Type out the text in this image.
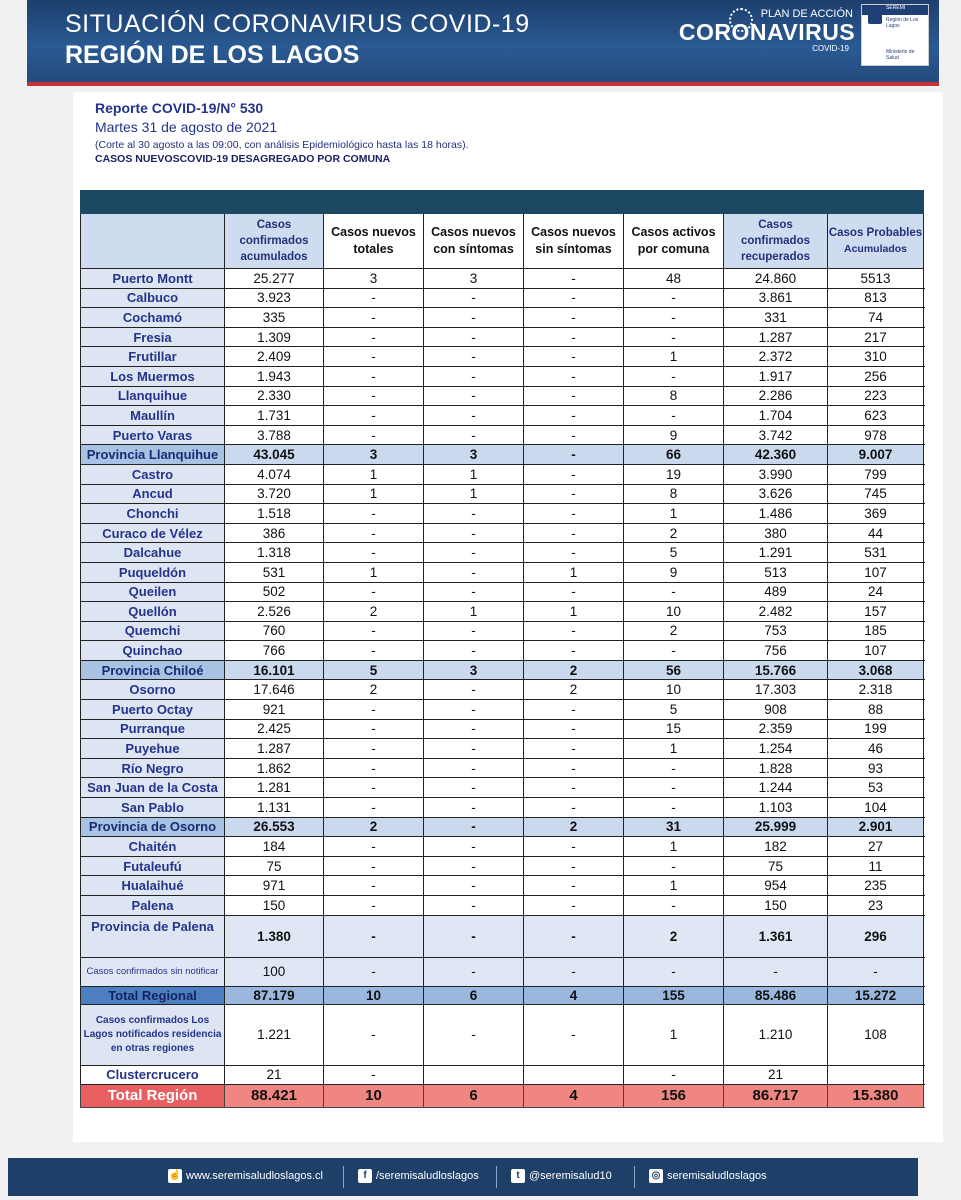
SITUACIÓN CORONAVIRUS COVID-19
REGIÓN DE LOS LAGOS
PLAN DE ACCIÓN
CORONAVIRUS
COVID-19
SEREMI
Región de Los Lagos
Ministerio de Salud
Reporte COVID-19/N° 530
Martes 31 de agosto de 2021
(Corte al 30 agosto a las 09:00, con análisis Epidemiológico hasta las 18 horas).
CASOS NUEVOSCOVID-19 DESAGREGADO POR COMUNA

	Casos confirmados acumulados	Casos nuevos totales	Casos nuevos con síntomas	Casos nuevos sin síntomas	Casos activos por comuna	Casos confirmados recuperados	Casos Probables
Acumulados
Puerto Montt	25.277	3	3	-	48	24.860	5513
Calbuco	3.923	-	-	-	-	3.861	813
Cochamó	335	-	-	-	-	331	74
Fresia	1.309	-	-	-	-	1.287	217
Frutillar	2.409	-	-	-	1	2.372	310
Los Muermos	1.943	-	-	-	-	1.917	256
Llanquihue	2.330	-	-	-	8	2.286	223
Maullín	1.731	-	-	-	-	1.704	623
Puerto Varas	3.788	-	-	-	9	3.742	978
Provincia Llanquihue	43.045	3	3	-	66	42.360	9.007
Castro	4.074	1	1	-	19	3.990	799
Ancud	3.720	1	1	-	8	3.626	745
Chonchi	1.518	-	-	-	1	1.486	369
Curaco de Vélez	386	-	-	-	2	380	44
Dalcahue	1.318	-	-	-	5	1.291	531
Puqueldón	531	1	-	1	9	513	107
Queilen	502	-	-	-	-	489	24
Quellón	2.526	2	1	1	10	2.482	157
Quemchi	760	-	-	-	2	753	185
Quinchao	766	-	-	-	-	756	107
Provincia Chiloé	16.101	5	3	2	56	15.766	3.068
Osorno	17.646	2	-	2	10	17.303	2.318
Puerto Octay	921	-	-	-	5	908	88
Purranque	2.425	-	-	-	15	2.359	199
Puyehue	1.287	-	-	-	1	1.254	46
Río Negro	1.862	-	-	-	-	1.828	93
San Juan de la Costa	1.281	-	-	-	-	1.244	53
San Pablo	1.131	-	-	-	-	1.103	104
Provincia de Osorno	26.553	2	-	2	31	25.999	2.901
Chaitén	184	-	-	-	1	182	27
Futaleufú	75	-	-	-	-	75	11
Hualaihué	971	-	-	-	1	954	235
Palena	150	-	-	-	-	150	23
Provincia de Palena	1.380	-	-	-	2	1.361	296
Casos confirmados sin notificar	100	-	-	-	-	-	-
Total Regional	87.179	10	6	4	155	85.486	15.272
Casos confirmados Los Lagos notificados residencia en otras regiones	1.221	-	-	-	1	1.210	108
Clustercrucero	21	-			-	21	
Total Región	88.421	10	6	4	156	86.717	15.380
☝ www.seremisaludloslagos.cl	f /seremisaludloslagos	t @seremisalud10	◎ seremisaludloslagos
